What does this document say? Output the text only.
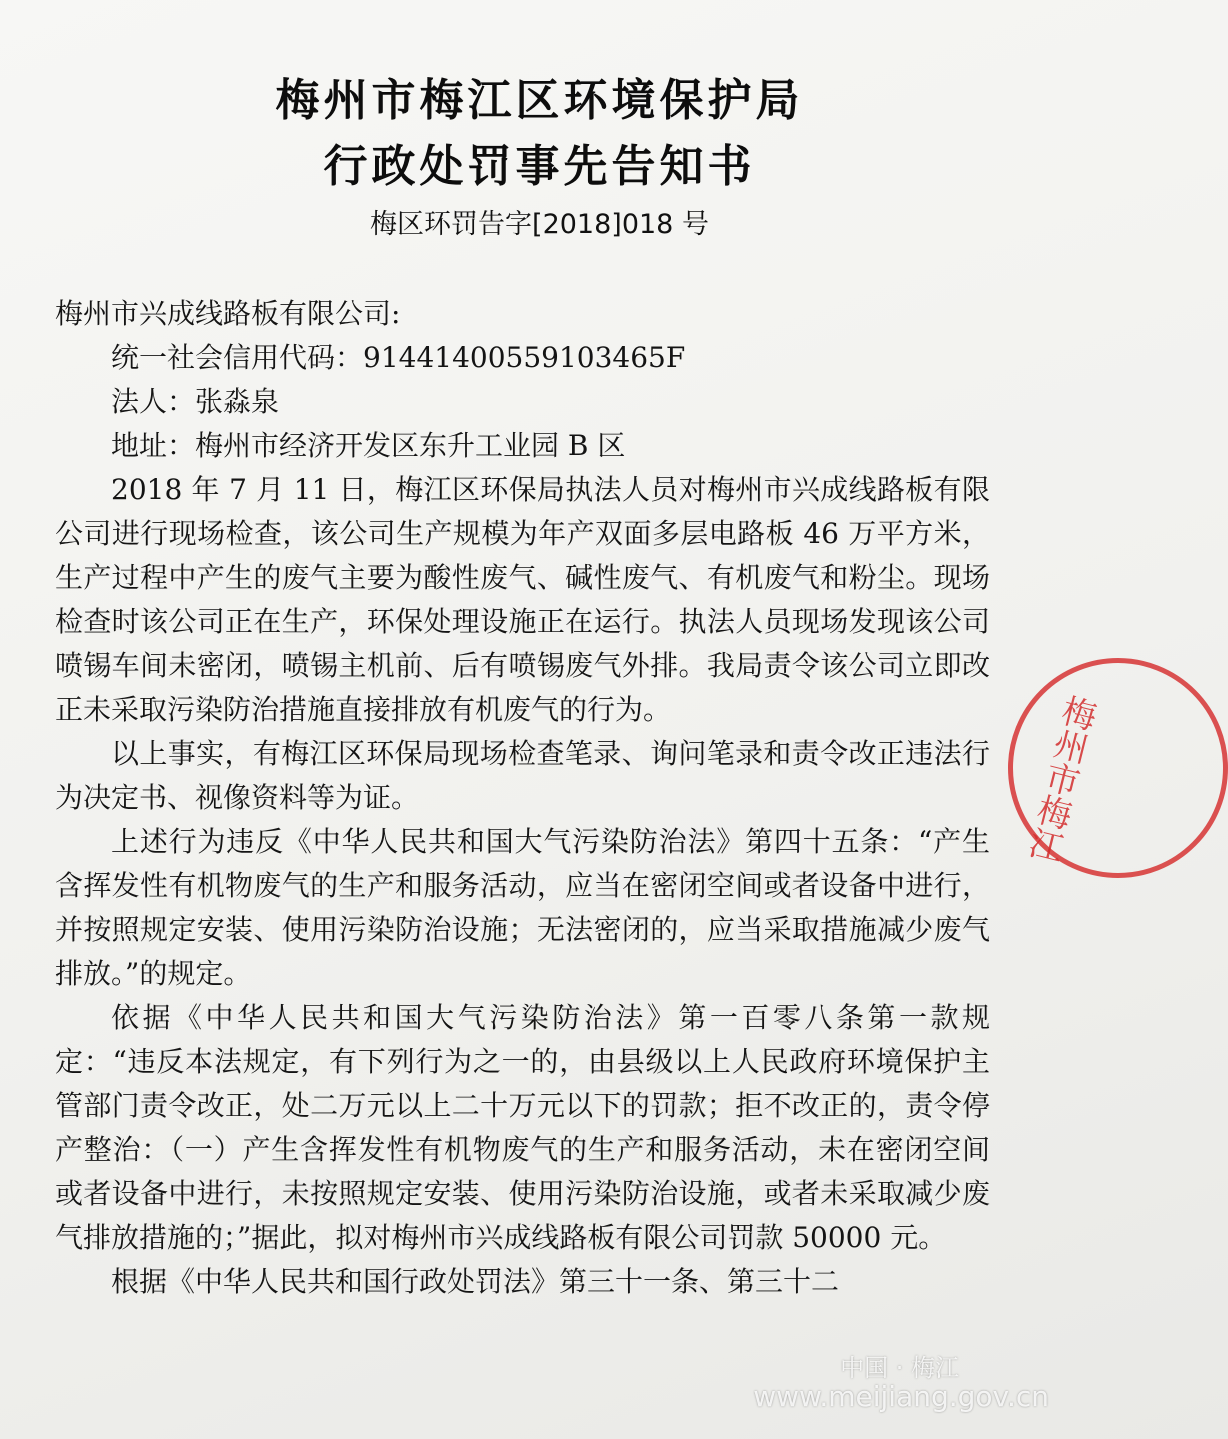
梅州市梅江区环境保护局
行政处罚事先告知书
梅区环罚告字[2018]018 号

梅州市兴成线路板有限公司:

统一社会信用代码：91441400559103465F

法人：张淼泉

地址：梅州市经济开发区东升工业园 B 区

2018 年 7 月 11 日，梅江区环保局执法人员对梅州市兴成线路板有限公司进行现场检查，该公司生产规模为年产双面多层电路板 46 万平方米，生产过程中产生的废气主要为酸性废气、碱性废气、有机废气和粉尘。现场检查时该公司正在生产，环保处理设施正在运行。执法人员现场发现该公司喷锡车间未密闭，喷锡主机前、后有喷锡废气外排。我局责令该公司立即改正未采取污染防治措施直接排放有机废气的行为。

以上事实，有梅江区环保局现场检查笔录、询问笔录和责令改正违法行为决定书、视像资料等为证。

上述行为违反《中华人民共和国大气污染防治法》第四十五条：“产生含挥发性有机物废气的生产和服务活动，应当在密闭空间或者设备中进行，并按照规定安装、使用污染防治设施；无法密闭的，应当采取措施减少废气排放。”的规定。

依据《中华人民共和国大气污染防治法》第一百零八条第一款规定：“违反本法规定，有下列行为之一的，由县级以上人民政府环境保护主管部门责令改正，处二万元以上二十万元以下的罚款；拒不改正的，责令停产整治：（一）产生含挥发性有机物废气的生产和服务活动，未在密闭空间或者设备中进行，未按照规定安装、使用污染防治设施，或者未采取减少废气排放措施的；”据此，拟对梅州市兴成线路板有限公司罚款 50000 元。

根据《中华人民共和国行政处罚法》第三十一条、第三十二

梅州市梅江
中国 · 梅江
www.meijiang.gov.cn
